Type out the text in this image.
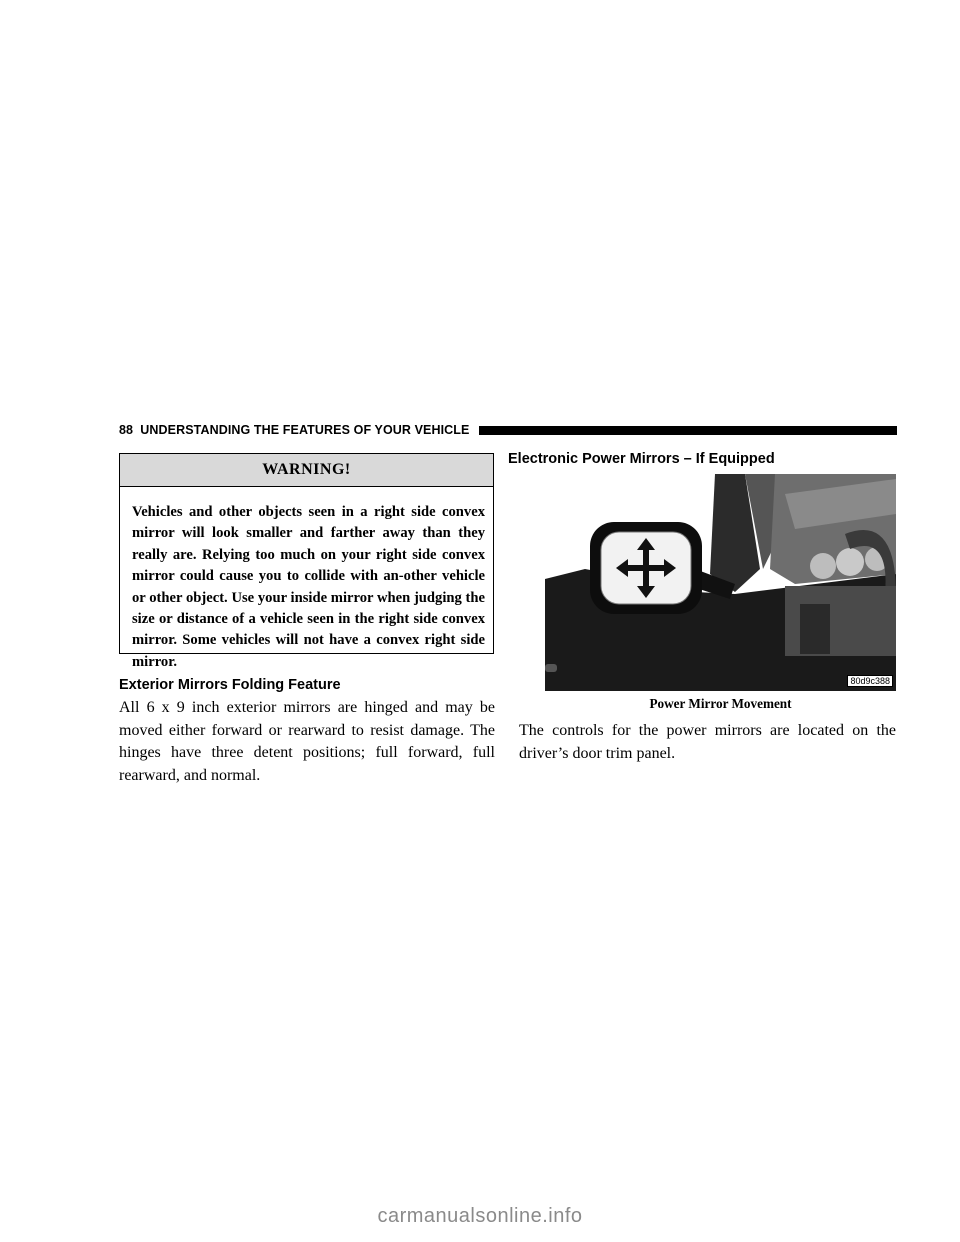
88 UNDERSTANDING THE FEATURES OF YOUR VEHICLE
WARNING!
Vehicles and other objects seen in a right side convex mirror will look smaller and farther away than they really are. Relying too much on your right side convex mirror could cause you to collide with an-other vehicle or other object. Use your inside mirror when judging the size or distance of a vehicle seen in the right side convex mirror. Some vehicles will not have a convex right side mirror.
Exterior Mirrors Folding Feature
All 6 x 9 inch exterior mirrors are hinged and may be moved either forward or rearward to resist damage. The hinges have three detent positions; full forward, full rearward, and normal.
Electronic Power Mirrors – If Equipped
80d9c388
Power Mirror Movement
The controls for the power mirrors are located on the driver’s door trim panel.
carmanualsonline.info
